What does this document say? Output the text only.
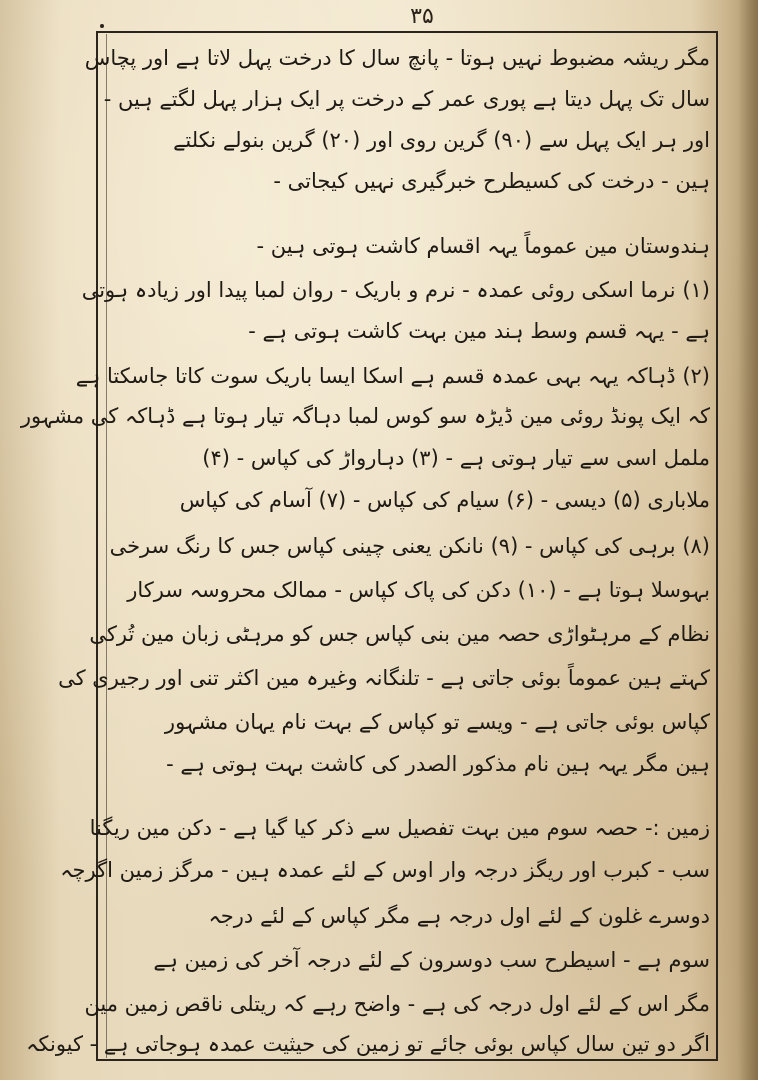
۳۵
مگر ریشہ مضبوط نہیں ہوتا - پانچ سال کا درخت پہل لاتا ہے اور پچاس
سال تک پہل دیتا ہے پوری عمر کے درخت پر ایک ہزار پہل لگتے ہیں -
اور ہر ایک پہل سے (۹۰) گرین روی اور (۲۰) گرین بنولے نکلتے
ہین - درخت کی کسیطرح خبرگیری نہیں کیجاتی -
ہندوستان مین عموماً یہہ اقسام کاشت ہوتی ہین -
(۱) نرما اسکی روئی عمدہ - نرم و باریک - روان لمبا پیدا اور زیادہ ہوتی
ہے - یہہ قسم وسط ہند مین بہت کاشت ہوتی ہے -
(۲) ڈہاکہ یہہ بہی عمدہ قسم ہے اسکا ایسا باریک سوت کاتا جاسکتا ہے
کہ ایک پونڈ روئی مین ڈیڑہ سو کوس لمبا دہاگہ تیار ہوتا ہے ڈہاکہ کی مشہور
ململ اسی سے تیار ہوتی ہے - (۳) دہارواڑ کی کپاس - (۴)
ملاباری (۵) دیسی - (۶) سیام کی کپاس - (۷) آسام کی کپاس
(۸) برہی کی کپاس - (۹) نانکن یعنی چینی کپاس جس کا رنگ سرخی
بہوسلا ہوتا ہے - (۱۰) دکن کی پاک کپاس - ممالک محروسہ سرکار
نظام کے مرہٹواڑی حصہ مین بنی کپاس جس کو مرہٹی زبان مین تُرکی
کہتے ہین عموماً بوئی جاتی ہے - تلنگانہ وغیرہ مین اکثر تنی اور رجیری کی
کپاس بوئی جاتی ہے - ویسے تو کپاس کے بہت نام یہان مشہور
ہین مگر یہہ ہین نام مذکور الصدر کی کاشت بہت ہوتی ہے -
زمین :- حصہ سوم مین بہت تفصیل سے ذکر کیا گیا ہے - دکن مین ریگنا
سب - کبرب اور ریگز درجہ وار اوس کے لئے عمدہ ہین - مرگز زمین اگرچہ
دوسرے غلون کے لئے اول درجہ ہے مگر کپاس کے لئے درجہ
سوم ہے - اسیطرح سب دوسرون کے لئے درجہ آخر کی زمین ہے
مگر اس کے لئے اول درجہ کی ہے - واضح رہے کہ ریتلی ناقص زمین مین
اگر دو تین سال کپاس بوئی جائے تو زمین کی حیثیت عمدہ ہوجاتی ہے - کیونکہ
